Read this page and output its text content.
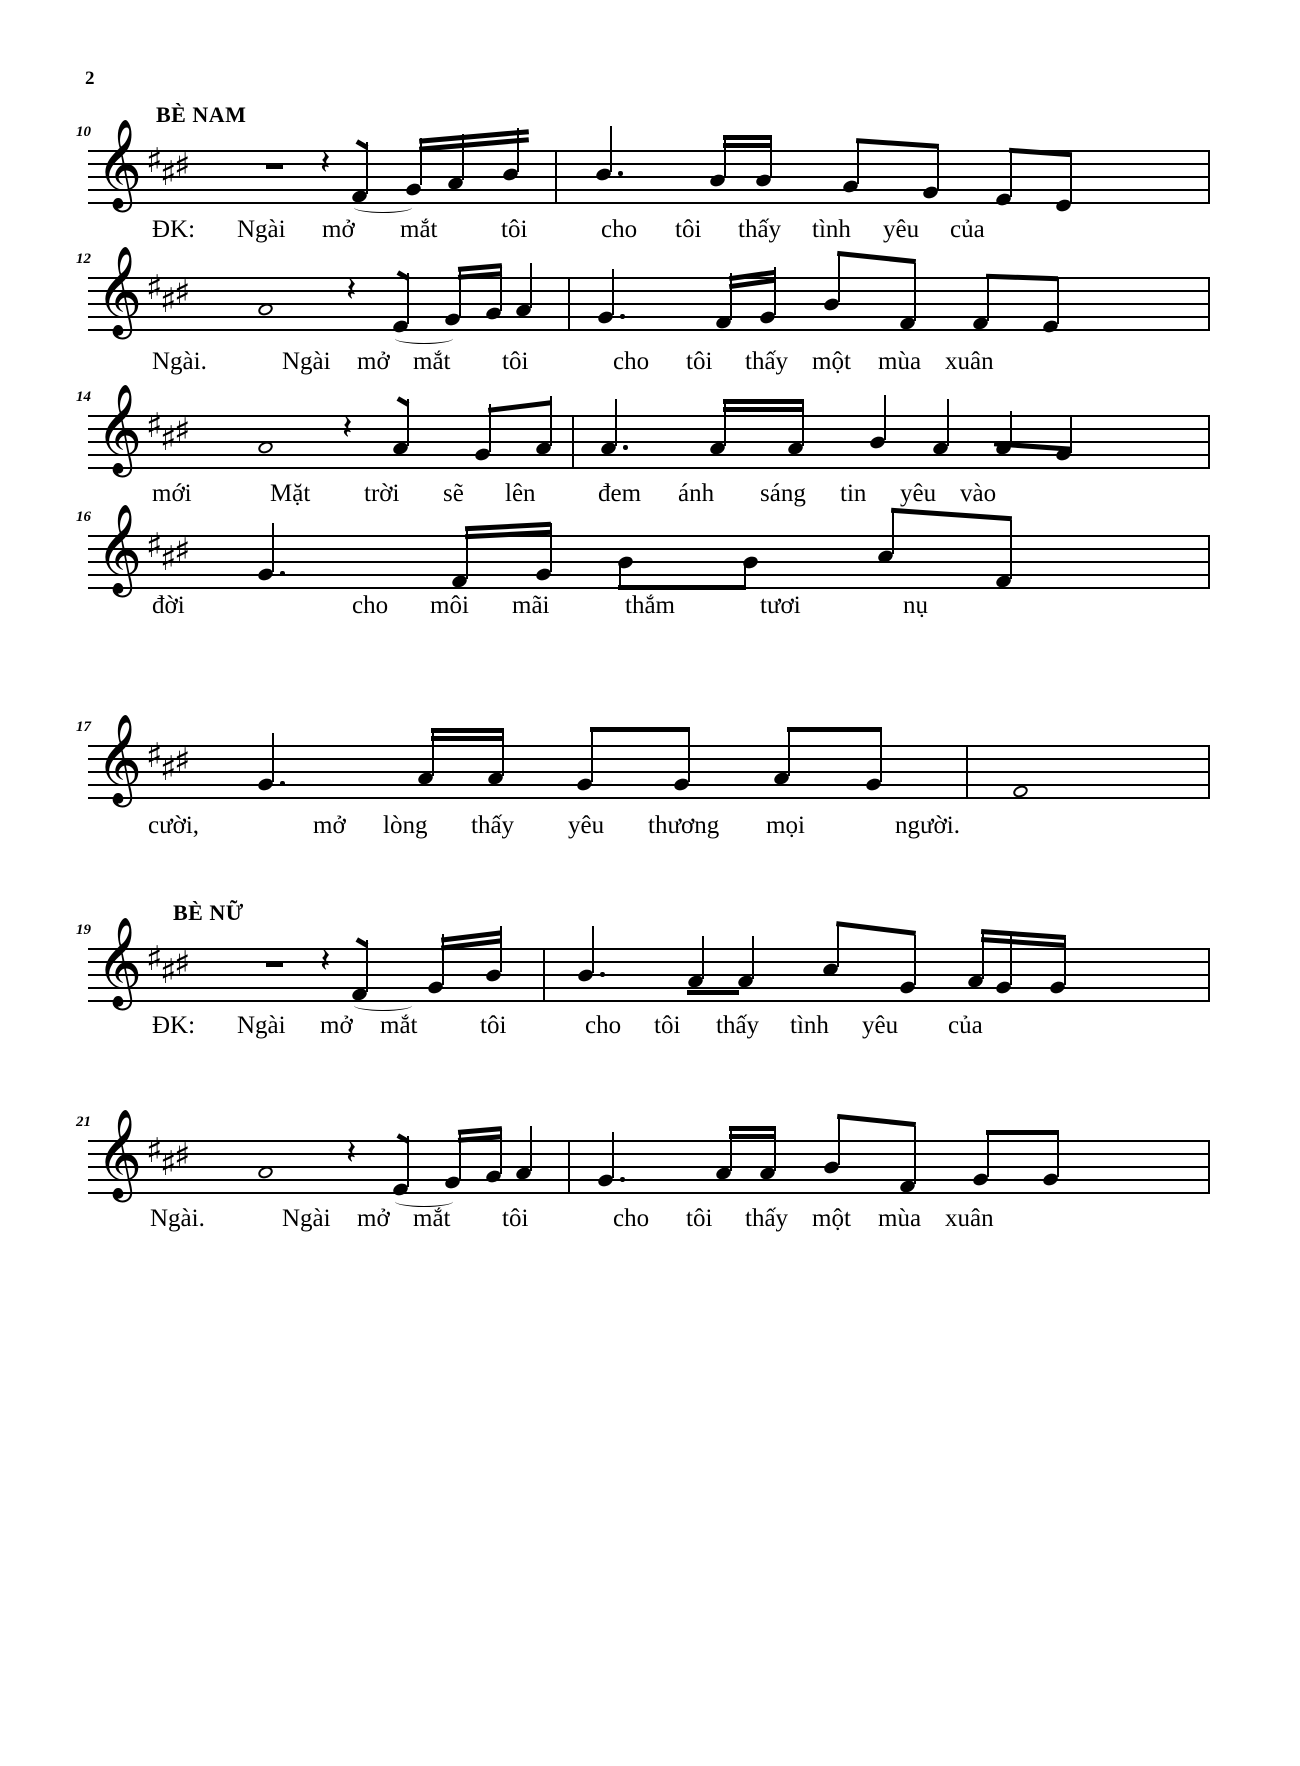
2
10
BÈ NAM
𝄞 ♯
♯
♯	𝄽
ĐK: Ngài mở mắt	tôi	cho tôi thấy tình yêu của
12 𝄞 ♯
♯
♯	𝄽
Ngài.	Ngài mở mắt tôi	cho tôi thấy một mùa xuân
14 𝄞 ♯
♯
♯	𝄽
mới	Mặt trời sẽ lên đem ánh sáng tin yêu vào
16 𝄞 ♯
♯
♯
đời	cho môi mãi	thắm	tươi	nụ
17 𝄞 ♯
♯
♯
cười,	mở lòng thấy yêu thương mọi	người.
19
BÈ NỮ
𝄞 ♯
♯
♯	𝄽
ĐK: Ngài mở mắt	tôi	cho tôi thấy tình yêu của
21 𝄞 ♯
♯
♯	𝄽
Ngài.	Ngài mở mắt tôi	cho tôi thấy một mùa xuân
